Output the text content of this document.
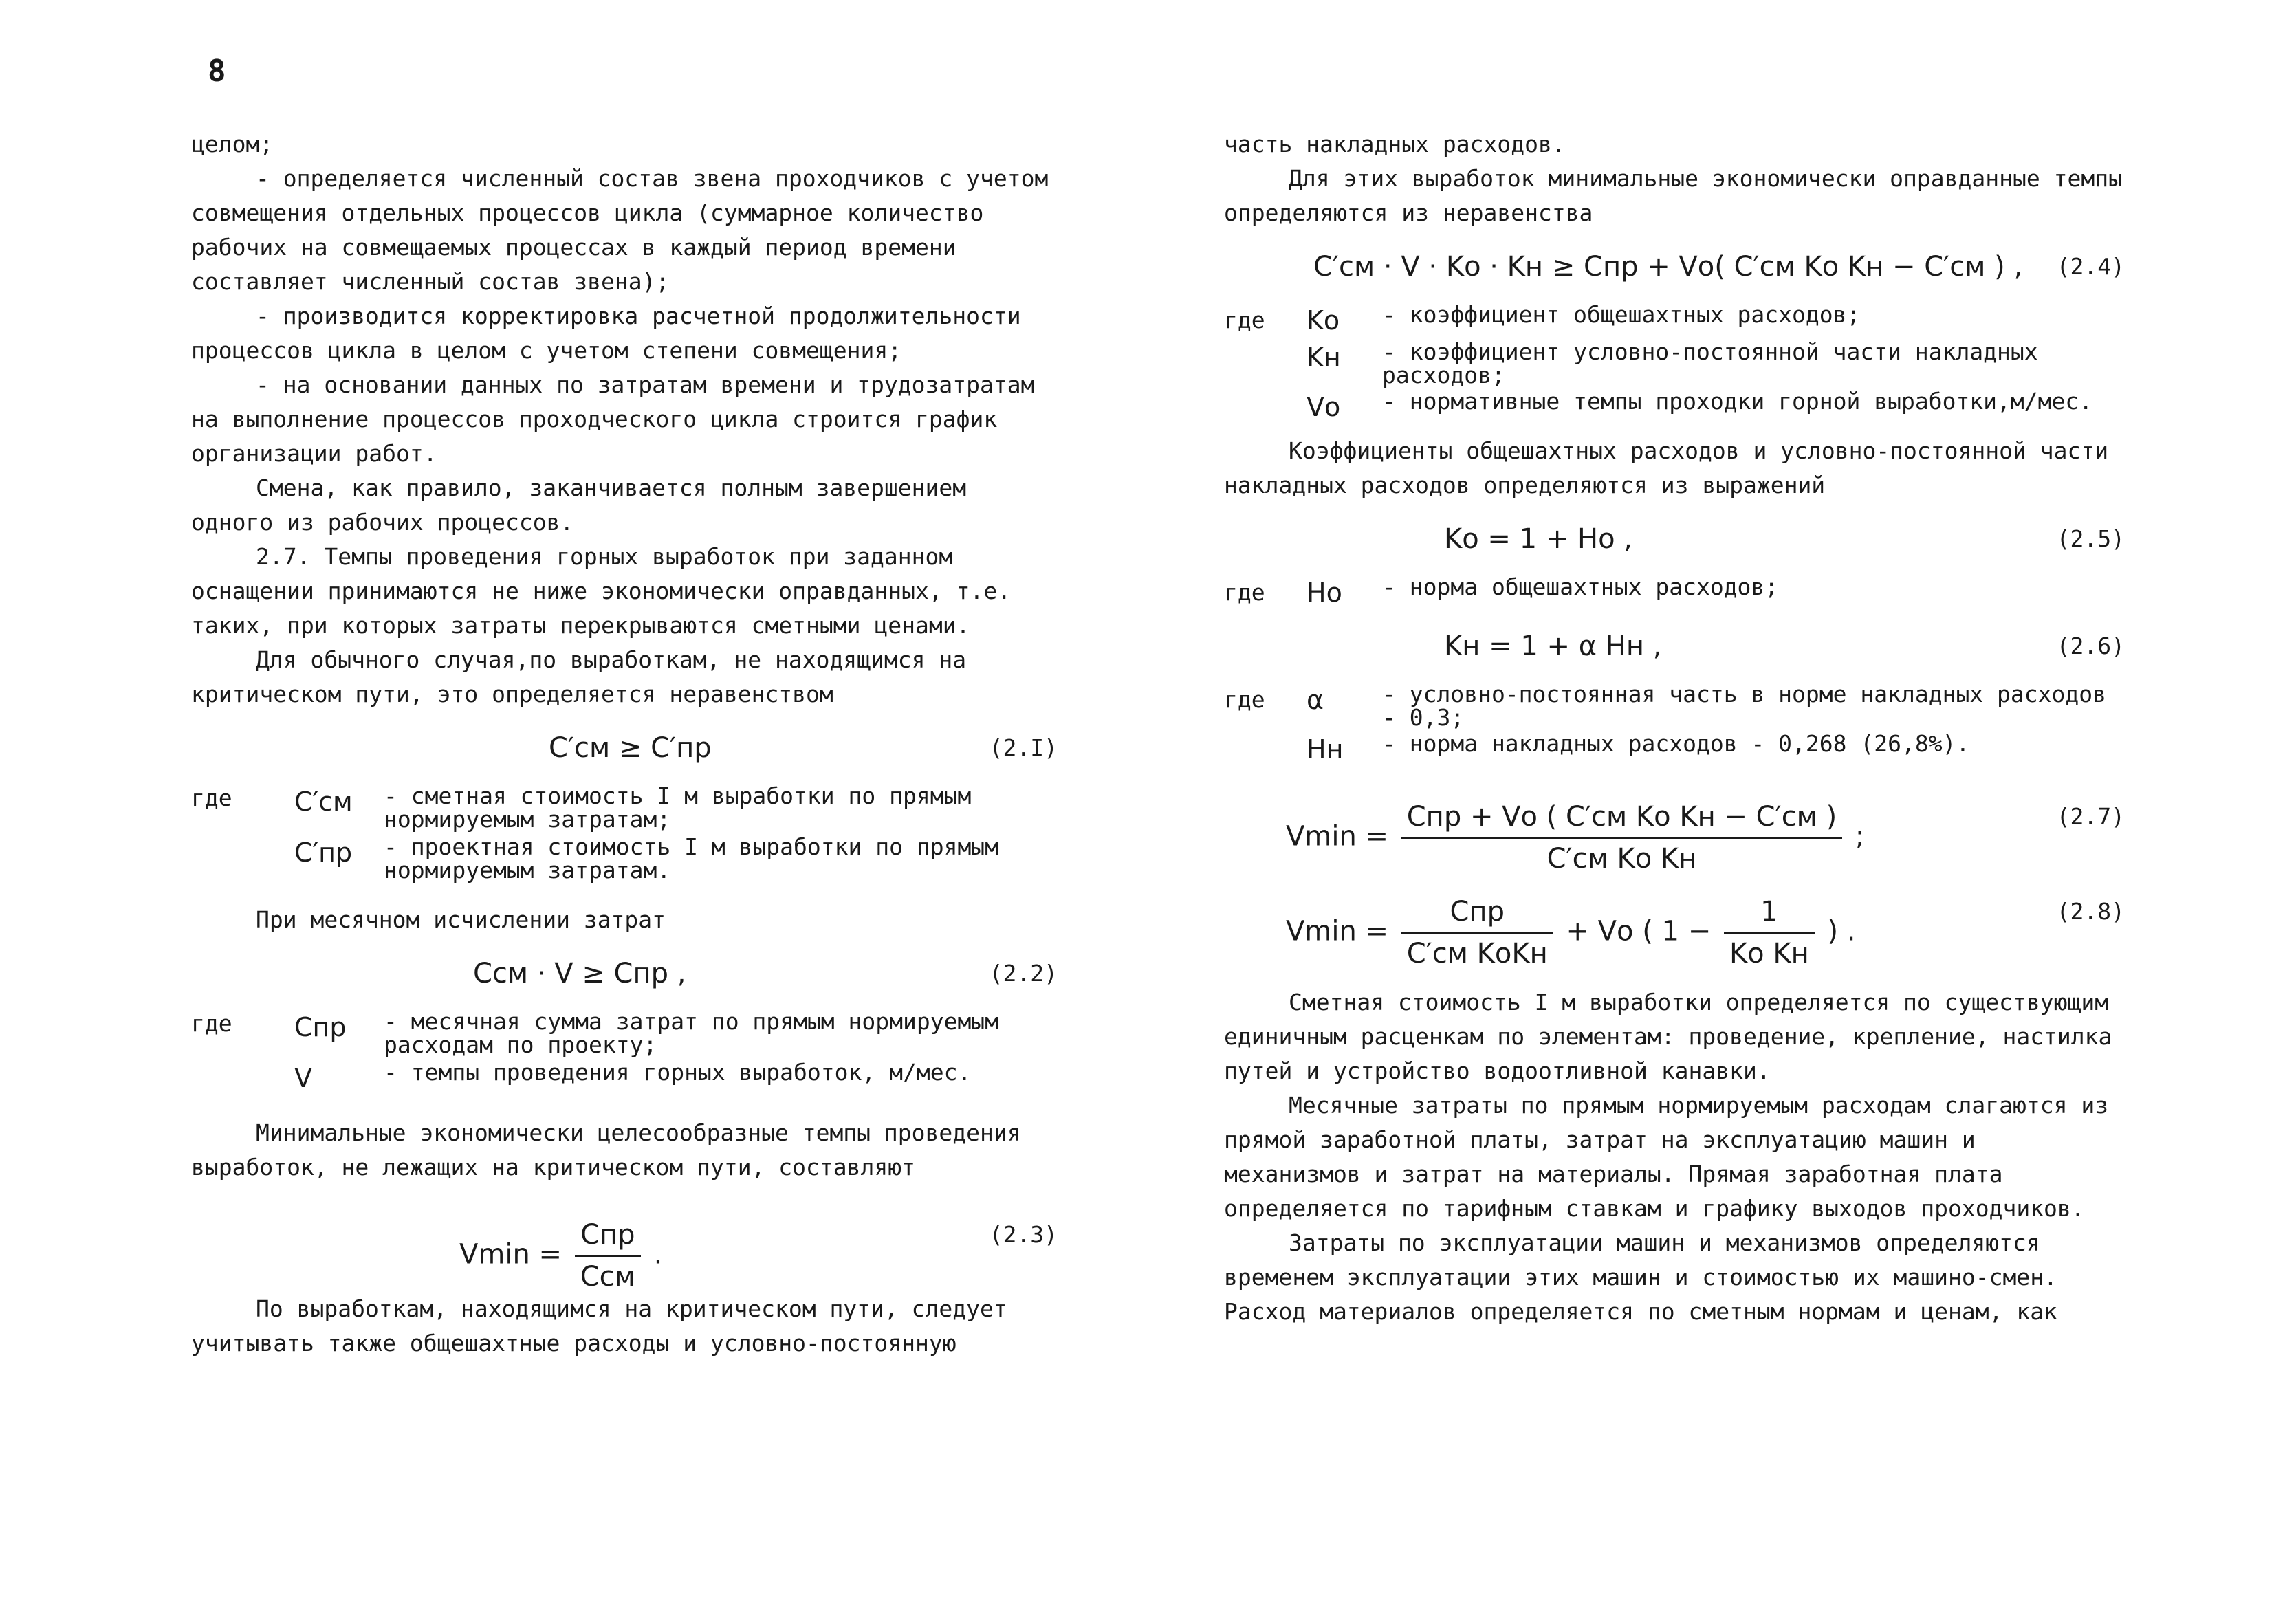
8

целом;

- определяется численный состав звена проходчиков с учетом совмещения отдельных процессов цикла (суммарное количество рабочих на совмещаемых процессах в каждый период времени составляет численный состав звена);

- производится корректировка расчетной продолжительности процессов цикла в целом с учетом степени совмещения;

- на основании данных по затратам времени и трудозатратам на выполнение процессов проходческого цикла строится график организации работ.

Смена, как правило, заканчивается полным завершением одного из рабочих процессов.

2.7. Темпы проведения горных выработок при заданном оснащении принимаются не ниже экономически оправданных, т.е. таких, при которых затраты перекрываются сметными ценами.

Для обычного случая,по выработкам, не находящимся на критическом пути, это определяется неравенством

C′см ≥ C′пр	(2.I)
где	C′см	- сметная стоимость I м выработки по прямым нормируемым затратам;
C′пр	- проектная стоимость I м выработки по прямым нормируемым затратам.

При месячном исчислении затрат

Cсм · V ≥ Cпр ,	(2.2)
где	Cпр	- месячная сумма затрат по прямым нормируемым расходам по проекту;
V	- темпы проведения горных выработок, м/мес.

Минимальные экономически целесообразные темпы проведения выработок, не лежащих на критическом пути, составляют

$Vmin = \frac{\text{Cпр}}{\text{Cсм}}$ .
(2.3)

По выработкам, находящимся на критическом пути, следует учитывать также общешахтные расходы и условно-постоянную

часть накладных расходов.

Для этих выработок минимальные экономически оправданные темпы определяются из неравенства

C′см · V · Kо · Kн ≥ Cпр + Vо( C′см Kо Kн − C′см ) , (2.4)
где	Kо	- коэффициент общешахтных расходов;
Kн	- коэффициент условно-постоянной части накладных расходов;
Vо	- нормативные темпы проходки горной выработки,м/мес.

Коэффициенты общешахтных расходов и условно-постоянной части накладных расходов определяются из выражений

Kо = 1 + Hо ,	(2.5)
где	Hо	- норма общешахтных расходов;
Kн = 1 + α Hн ,	(2.6)
где	α	- условно-постоянная часть в норме накладных расходов - 0,3;
Hн	- норма накладных расходов - 0,268 (26,8%).
$Vmin = \frac{\text{Cпр + Vо ( C′см Kо Kн − C′см )}}{\text{C′см Kо Kн}}$ ;
(2.7)
$Vmin = \frac{\text{Cпр}}{\text{C′см KоKн}}$ + Vо ( $1 - \frac{1}{\text{Kо Kн}}$ ) .
(2.8)

Сметная стоимость I м выработки определяется по существующим единичным расценкам по элементам: проведение, крепление, настилка путей и устройство водоотливной канавки.

Месячные затраты по прямым нормируемым расходам слагаются из прямой заработной платы, затрат на эксплуатацию машин и механизмов и затрат на материалы. Прямая заработная плата определяется по тарифным ставкам и графику выходов проходчиков.

Затраты по эксплуатации машин и механизмов определяются временем эксплуатации этих машин и стоимостью их машино-смен. Расход материалов определяется по сметным нормам и ценам, как
